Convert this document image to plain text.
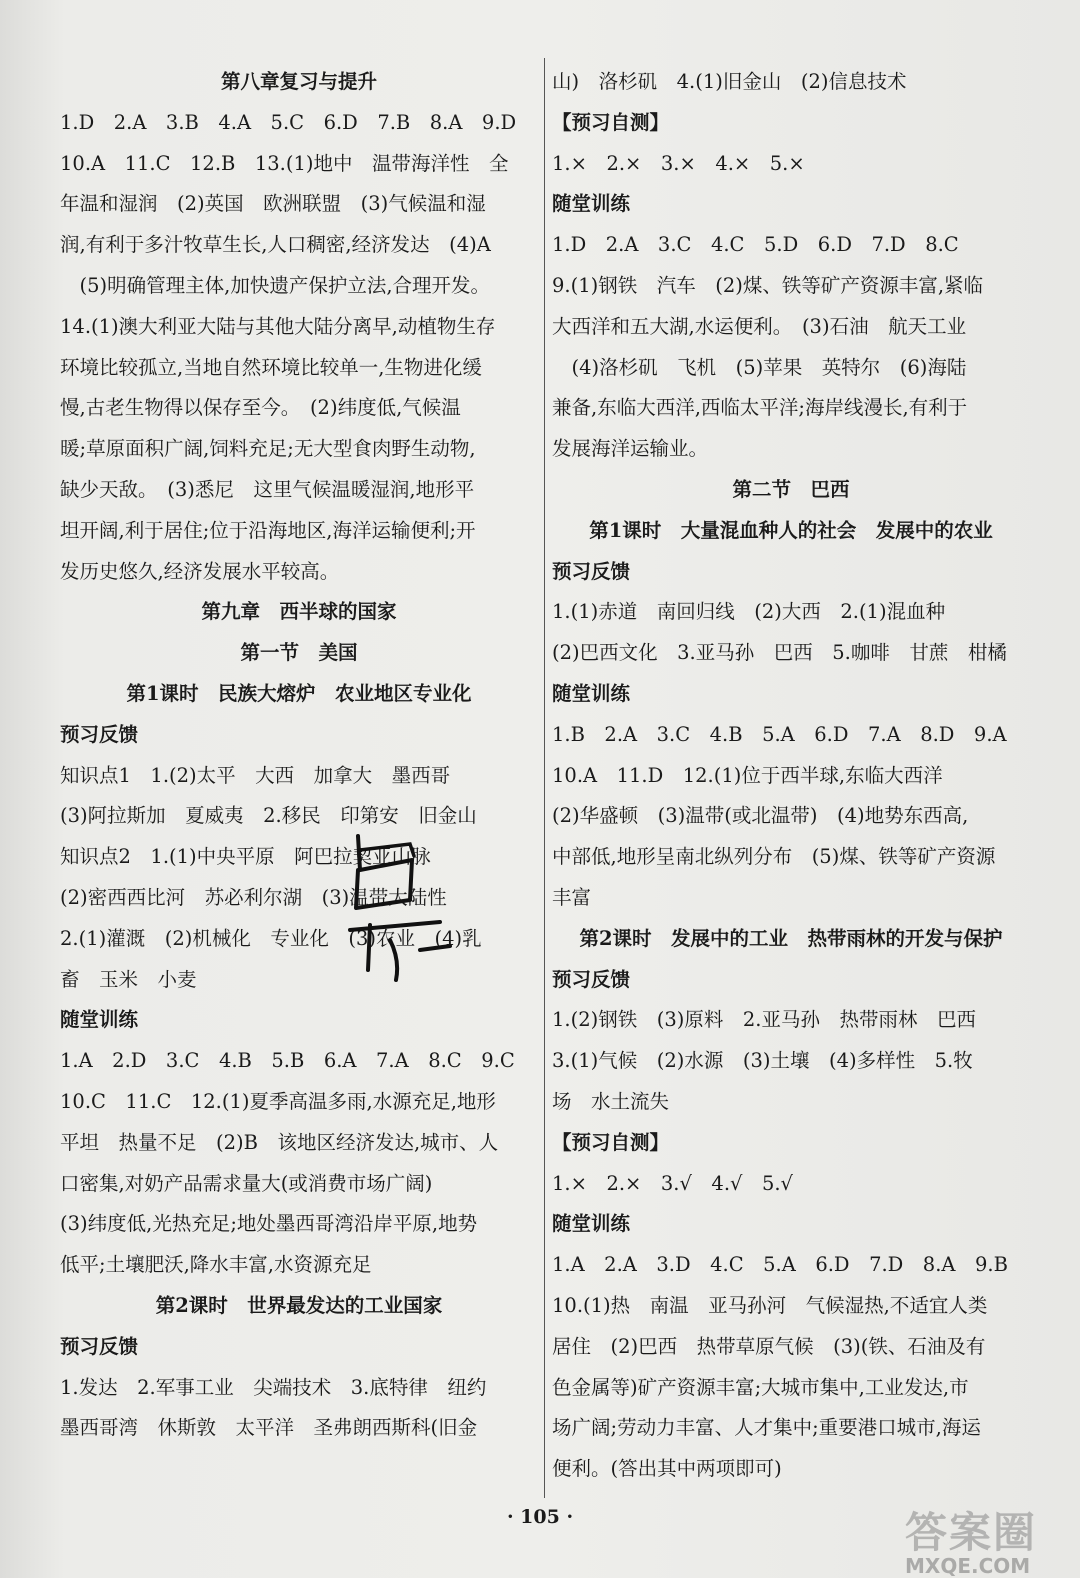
第八章复习与提升
1.D　2.A　3.B　4.A　5.C　6.D　7.B　8.A　9.D
10.A　11.C　12.B　13.(1)地中　温带海洋性　全
年温和湿润　(2)英国　欧洲联盟　(3)气候温和湿
润,有利于多汁牧草生长,人口稠密,经济发达　(4)A
　(5)明确管理主体,加快遗产保护立法,合理开发。
14.(1)澳大利亚大陆与其他大陆分离早,动植物生存
环境比较孤立,当地自然环境比较单一,生物进化缓
慢,古老生物得以保存至今。　(2)纬度低,气候温
暖;草原面积广阔,饲料充足;无大型食肉野生动物,
缺少天敌。　(3)悉尼　这里气候温暖湿润,地形平
坦开阔,利于居住;位于沿海地区,海洋运输便利;开
发历史悠久,经济发展水平较高。
第九章　西半球的国家
第一节　美国
第1课时　民族大熔炉　农业地区专业化
预习反馈
知识点1　1.(2)太平　大西　加拿大　墨西哥
(3)阿拉斯加　夏威夷　2.移民　印第安　旧金山
知识点2　1.(1)中央平原　阿巴拉契亚山脉
(2)密西西比河　苏必利尔湖　(3)温带大陆性
2.(1)灌溉　(2)机械化　专业化　(3)农业　(4)乳
畜　玉米　小麦
随堂训练
1.A　2.D　3.C　4.B　5.B　6.A　7.A　8.C　9.C
10.C　11.C　12.(1)夏季高温多雨,水源充足,地形
平坦　热量不足　(2)B　该地区经济发达,城市、人
口密集,对奶产品需求量大(或消费市场广阔)
(3)纬度低,光热充足;地处墨西哥湾沿岸平原,地势
低平;土壤肥沃,降水丰富,水资源充足
第2课时　世界最发达的工业国家
预习反馈
1.发达　2.军事工业　尖端技术　3.底特律　纽约
墨西哥湾　休斯敦　太平洋　圣弗朗西斯科(旧金
山)　洛杉矶　4.(1)旧金山　(2)信息技术
【预习自测】
1.×　2.×　3.×　4.×　5.×
随堂训练
1.D　2.A　3.C　4.C　5.D　6.D　7.D　8.C
9.(1)钢铁　汽车　(2)煤、铁等矿产资源丰富,紧临
大西洋和五大湖,水运便利。　(3)石油　航天工业
　(4)洛杉矶　飞机　(5)苹果　英特尔　(6)海陆
兼备,东临大西洋,西临太平洋;海岸线漫长,有利于
发展海洋运输业。
第二节　巴西
第1课时　大量混血种人的社会　发展中的农业
预习反馈
1.(1)赤道　南回归线　(2)大西　2.(1)混血种
(2)巴西文化　3.亚马孙　巴西　5.咖啡　甘蔗　柑橘
随堂训练
1.B　2.A　3.C　4.B　5.A　6.D　7.A　8.D　9.A
10.A　11.D　12.(1)位于西半球,东临大西洋
(2)华盛顿　(3)温带(或北温带)　(4)地势东西高,
中部低,地形呈南北纵列分布　(5)煤、铁等矿产资源
丰富
第2课时　发展中的工业　热带雨林的开发与保护
预习反馈
1.(2)钢铁　(3)原料　2.亚马孙　热带雨林　巴西
3.(1)气候　(2)水源　(3)土壤　(4)多样性　5.牧
场　水土流失
【预习自测】
1.×　2.×　3.√　4.√　5.√
随堂训练
1.A　2.A　3.D　4.C　5.A　6.D　7.D　8.A　9.B
10.(1)热　南温　亚马孙河　气候湿热,不适宜人类
居住　(2)巴西　热带草原气候　(3)(铁、石油及有
色金属等)矿产资源丰富;大城市集中,工业发达,市
场广阔;劳动力丰富、人才集中;重要港口城市,海运
便利。(答出其中两项即可)
· 105 ·	答案圈
MXQE.COM
